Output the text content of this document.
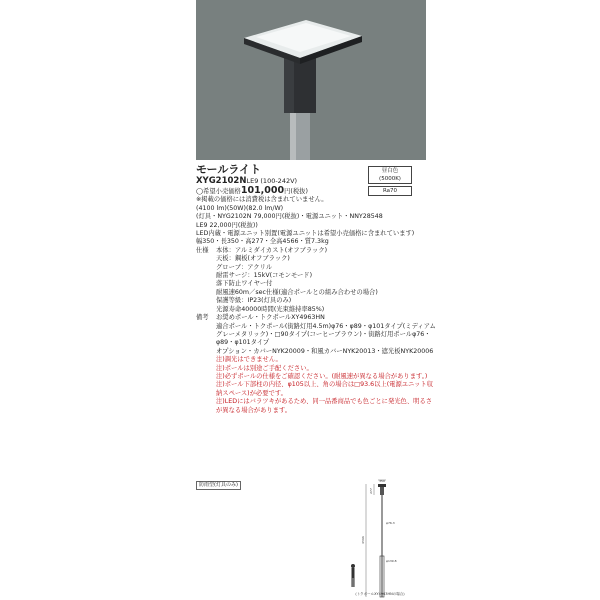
モールライト
XYG2102NLE9 (100-242V)
◯希望小売価格101,000円(税抜)
※掲載の価格には消費税は含まれていません。
(4100 lm)(50W)(82.0 lm/W)
(灯具・NYG2102N 79,000円(税抜)・電源ユニット・NNY28548
LE9 22,000円(税抜))
LED内蔵・電源ユニット別置(電源ユニットは希望小売価格に含まれています)
幅350・長350・高277・全高4566・質7.3kg
仕様	本体：アルミダイカスト(オフブラック)
天板：鋼板(オフブラック)
グローブ：アクリル
耐雷サージ：15kV(コモンモード)
落下防止ワイヤー付
耐風速60m／sec仕様(適合ポールとの組み合わせの場合)
保護等級：IP23(灯具のみ)
光源寿命40000時間(光束維持率85%)
備考	お奨めポール・トクポールXY4963HN
適合ポール・トクポール(街路灯用4.5m)φ76・φ89・φ101タイプ(ミディアムグレーメタリック)・□90タイプ(コーヒーブラウン)・街路灯用ポールφ76・φ89・φ101タイプ
オプション・カバーNYK20009・和風カバーNYK20013・遮光板NYK20006
注)調光はできません。
注)ポールは別途ご手配ください。
注)必ずポールの仕様をご確認ください。(耐風速が異なる場合があります。)
注)ポール下部柱の内径、φ105以上、角の場合は□93.6以上(電源ユニット収納スペース)が必要です。
注)LEDにはバラツキがあるため、同一品番商品でも色ごとに発光色、明るさが異なる場合があります。
昼白色(5000K)
Ra70
防雨型(灯具のみ)
350
277
4566
φ76.3
φ139.8
(トクポールXY4963HNの場合)
